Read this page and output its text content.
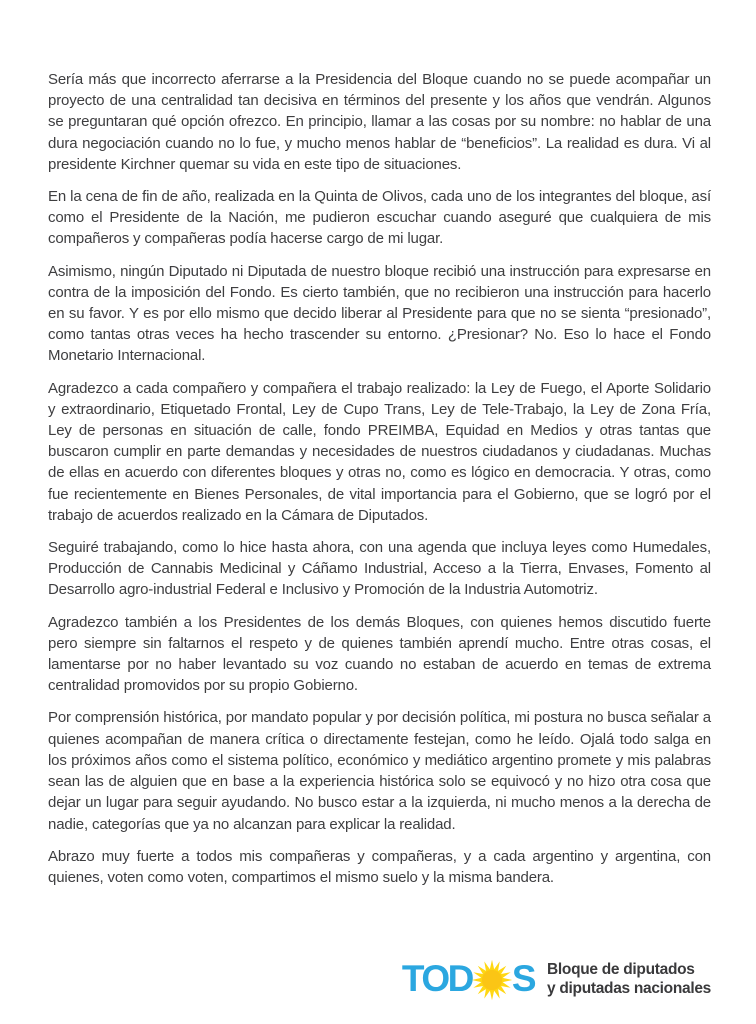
Sería más que incorrecto aferrarse a la Presidencia del Bloque cuando no se puede acompañar un proyecto de una centralidad tan decisiva en términos del presente y los años que vendrán. Algunos se preguntaran qué opción ofrezco. En principio, llamar a las cosas por su nombre: no hablar de una dura negociación cuando no lo fue, y mucho menos hablar de “beneficios”. La realidad es dura. Vi al presidente Kirchner quemar su vida en este tipo de situaciones.

En la cena de fin de año, realizada en la Quinta de Olivos, cada uno de los integrantes del bloque, así como el Presidente de la Nación, me pudieron escuchar cuando aseguré que cualquiera de mis compañeros y compañeras podía hacerse cargo de mi lugar.

Asimismo, ningún Diputado ni Diputada de nuestro bloque recibió una instrucción para expresarse en contra de la imposición del Fondo. Es cierto también, que no recibieron una instrucción para hacerlo en su favor. Y es por ello mismo que decido liberar al Presidente para que no se sienta “presionado”, como tantas otras veces ha hecho trascender su entorno. ¿Presionar? No. Eso lo hace el Fondo Monetario Internacional.

Agradezco a cada compañero y compañera el trabajo realizado: la Ley de Fuego, el Aporte Solidario y extraordinario, Etiquetado Frontal, Ley de Cupo Trans, Ley de Tele-Trabajo, la Ley de Zona Fría, Ley de personas en situación de calle, fondo PREIMBA, Equidad en Medios y otras tantas que buscaron cumplir en parte demandas y necesidades de nuestros ciudadanos y ciudadanas. Muchas de ellas en acuerdo con diferentes bloques y otras no, como es lógico en democracia. Y otras, como fue recientemente en Bienes Personales, de vital importancia para el Gobierno, que se logró por el trabajo de acuerdos realizado en la Cámara de Diputados.

Seguiré trabajando, como lo hice hasta ahora, con una agenda que incluya leyes como Humedales, Producción de Cannabis Medicinal y Cáñamo Industrial, Acceso a la Tierra, Envases, Fomento al Desarrollo agro-industrial Federal e Inclusivo y Promoción de la Industria Automotriz.

Agradezco también a los Presidentes de los demás Bloques, con quienes hemos discutido fuerte pero siempre sin faltarnos el respeto y de quienes también aprendí mucho. Entre otras cosas, el lamentarse por no haber levantado su voz cuando no estaban de acuerdo en temas de extrema centralidad promovidos por su propio Gobierno.

Por comprensión histórica, por mandato popular y por decisión política, mi postura no busca señalar a quienes acompañan de manera crítica o directamente festejan, como he leído. Ojalá todo salga en los próximos años como el sistema político, económico y mediático argentino promete y mis palabras sean las de alguien que en base a la experiencia histórica solo se equivocó y no hizo otra cosa que dejar un lugar para seguir ayudando. No busco estar a la izquierda, ni mucho menos a la derecha de nadie, categorías que ya no alcanzan para explicar la realidad.

Abrazo muy fuerte a todos mis compañeras y compañeras, y a cada argentino y argentina, con quienes, voten como voten, compartimos el mismo suelo y la misma bandera.

TOD S Bloque de diputados
y diputadas nacionales
